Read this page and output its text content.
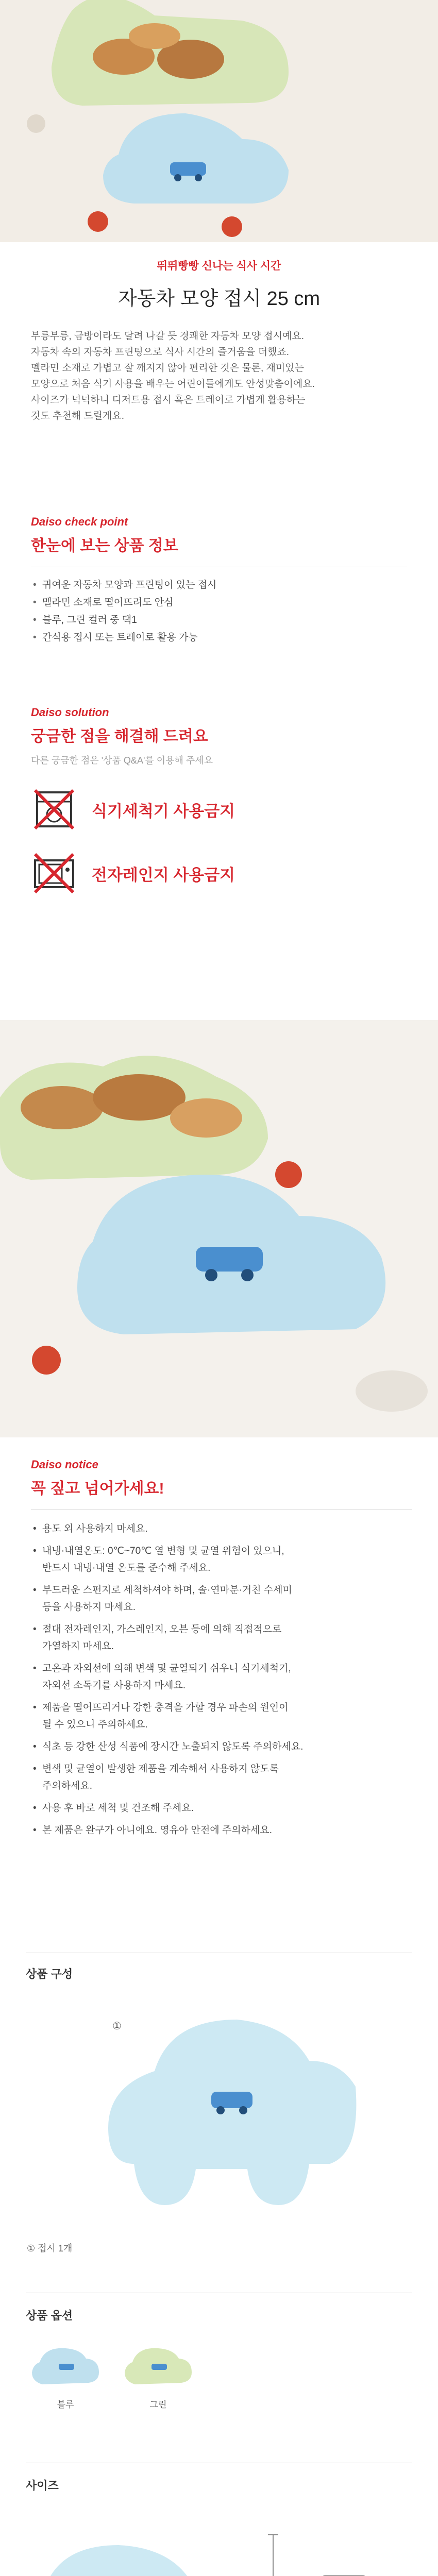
뛰뛰빵빵 신나는 식사 시간
자동차 모양 접시 25 cm
부릉부릉, 금방이라도 달려 나갈 듯 경쾌한 자동차 모양 접시예요.
자동차 속의 자동차 프린팅으로 식사 시간의 즐거움을 더했죠.
멜라민 소재로 가볍고 잘 깨지지 않아 편리한 것은 물론, 재미있는
모양으로 처음 식기 사용을 배우는 어린이들에게도 안성맞춤이에요.
사이즈가 넉넉하니 디저트용 접시 혹은 트레이로 가볍게 활용하는
것도 추천해 드릴게요.
Daiso check point
한눈에 보는 상품 정보
• 귀여운 자동차 모양과 프린팅이 있는 접시
• 멜라민 소재로 떨어뜨려도 안심
• 블루, 그린 컬러 중 택1
• 간식용 접시 또는 트레이로 활용 가능
Daiso solution
궁금한 점을 해결해 드려요
다른 궁금한 점은 '상품 Q&A'를 이용해 주세요
식기세척기 사용금지
전자레인지 사용금지
Daiso notice
꼭 짚고 넘어가세요!
• 용도 외 사용하지 마세요.
• 내냉·내열온도: 0℃~70℃ 열 변형 및 균열 위험이 있으니,
반드시 내냉·내열 온도를 준수해 주세요.
• 부드러운 스펀지로 세척하셔야 하며, 솔·연마분·거친 수세미
등을 사용하지 마세요.
• 절대 전자레인지, 가스레인지, 오븐 등에 의해 직접적으로
가열하지 마세요.
• 고온과 자외선에 의해 변색 및 균열되기 쉬우니 식기세척기,
자외선 소독기를 사용하지 마세요.
• 제품을 떨어뜨리거나 강한 충격을 가할 경우 파손의 원인이
될 수 있으니 주의하세요.
• 식초 등 강한 산성 식품에 장시간 노출되지 않도록 주의하세요.
• 변색 및 균열이 발생한 제품을 계속해서 사용하지 않도록
주의하세요.
• 사용 후 바로 세척 및 건조해 주세요.
• 본 제품은 완구가 아니에요. 영유아 안전에 주의하세요.
상품 구성
①
① 접시 1개
상품 옵션
블루	그린
사이즈
